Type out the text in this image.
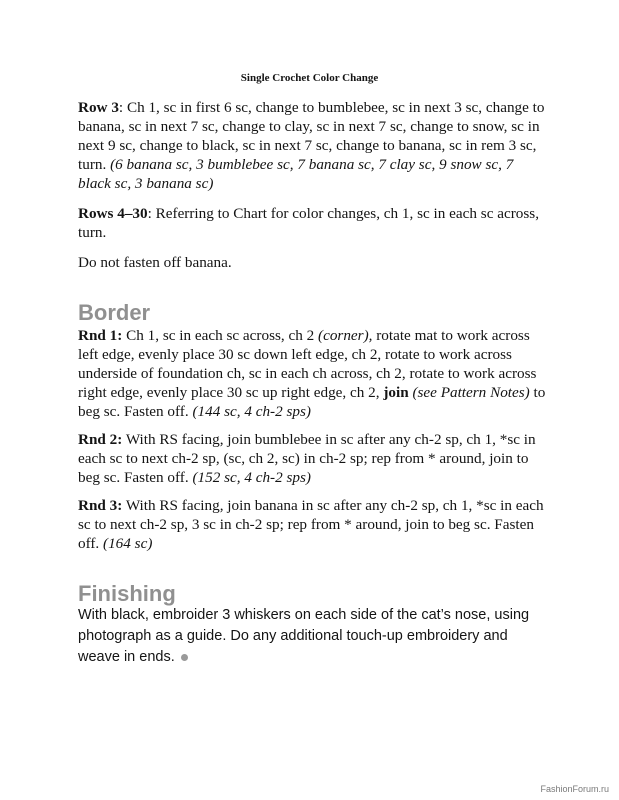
Single Crochet Color Change

Row 3: Ch 1, sc in first 6 sc, change to bumblebee, sc in next 3 sc, change to banana, sc in next 7 sc, change to clay, sc in next 7 sc, change to snow, sc in next 9 sc, change to black, sc in next 7 sc, change to banana, sc in rem 3 sc, turn. (6 banana sc, 3 bumblebee sc, 7 banana sc, 7 clay sc, 9 snow sc, 7 black sc, 3 banana sc)

Rows 4–30: Referring to Chart for color changes, ch 1, sc in each sc across, turn.

Do not fasten off banana.

Border

Rnd 1: Ch 1, sc in each sc across, ch 2 (corner), rotate mat to work across left edge, evenly place 30 sc down left edge, ch 2, rotate to work across underside of foundation ch, sc in each ch across, ch 2, rotate to work across right edge, evenly place 30 sc up right edge, ch 2, join (see Pattern Notes) to beg sc. Fasten off. (144 sc, 4 ch-2 sps)

Rnd 2: With RS facing, join bumblebee in sc after any ch-2 sp, ch 1, *sc in each sc to next ch-2 sp, (sc, ch 2, sc) in ch-2 sp; rep from * around, join to beg sc. Fasten off. (152 sc, 4 ch-2 sps)

Rnd 3: With RS facing, join banana in sc after any ch-2 sp, ch 1, *sc in each sc to next ch-2 sp, 3 sc in ch-2 sp; rep from * around, join to beg sc. Fasten off. (164 sc)

Finishing

With black, embroider 3 whiskers on each side of the cat’s nose, using photograph as a guide. Do any additional touch-up embroidery and weave in ends.

FashionForum.ru
